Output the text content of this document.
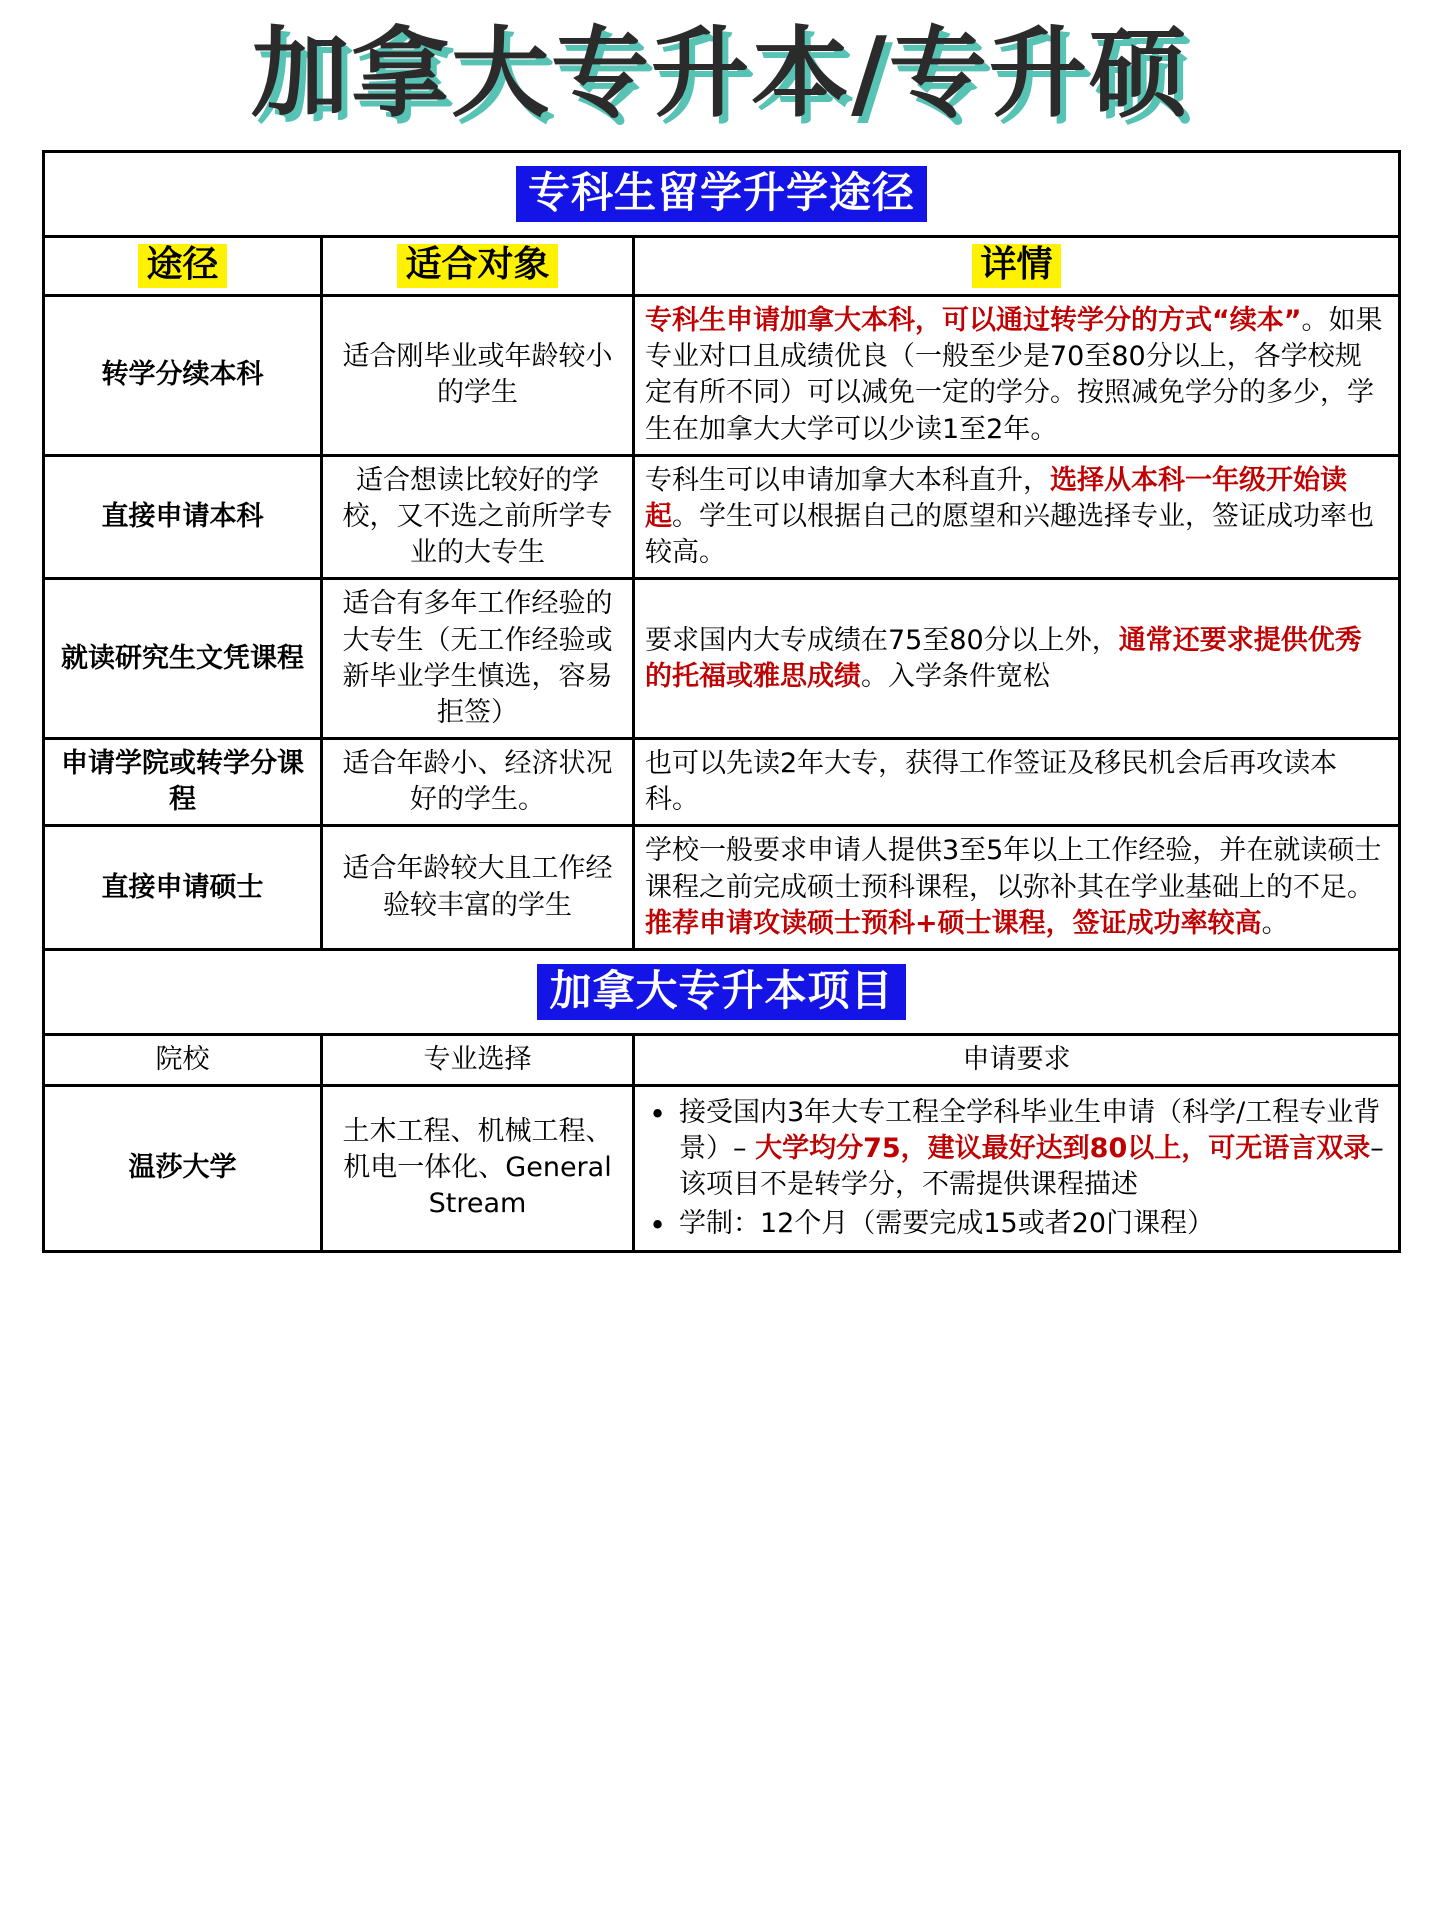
加拿大专升本/专升硕
专科生留学升学途径		
途径	适合对象	详情
转学分续本科	适合刚毕业或年龄较小的学生	专科生申请加拿大本科，可以通过转学分的方式“续本”。如果专业对口且成绩优良（一般至少是70至80分以上，各学校规定有所不同）可以减免一定的学分。按照减免学分的多少，学生在加拿大大学可以少读1至2年。
直接申请本科	适合想读比较好的学校，又不选之前所学专业的大专生	专科生可以申请加拿大本科直升，选择从本科一年级开始读起。学生可以根据自己的愿望和兴趣选择专业，签证成功率也较高。
就读研究生文凭课程	适合有多年工作经验的大专生（无工作经验或新毕业学生慎选，容易拒签）	要求国内大专成绩在75至80分以上外，通常还要求提供优秀的托福或雅思成绩。入学条件宽松
申请学院或转学分课程	适合年龄小、经济状况好的学生。	也可以先读2年大专，获得工作签证及移民机会后再攻读本科。
直接申请硕士	适合年龄较大且工作经验较丰富的学生	学校一般要求申请人提供3至5年以上工作经验，并在就读硕士课程之前完成硕士预科课程，以弥补其在学业基础上的不足。推荐申请攻读硕士预科+硕士课程，签证成功率较高。
加拿大专升本项目		
院校	专业选择	申请要求
温莎大学	土木工程、机械工程、机电一体化、General Stream	• 接受国内3年大专工程全学科毕业生申请（科学/工程专业背景）– 大学均分75，建议最好达到80以上，可无语言双录– 该项目不是转学分，不需提供课程描述
• 学制：12个月（需要完成15或者20门课程）
